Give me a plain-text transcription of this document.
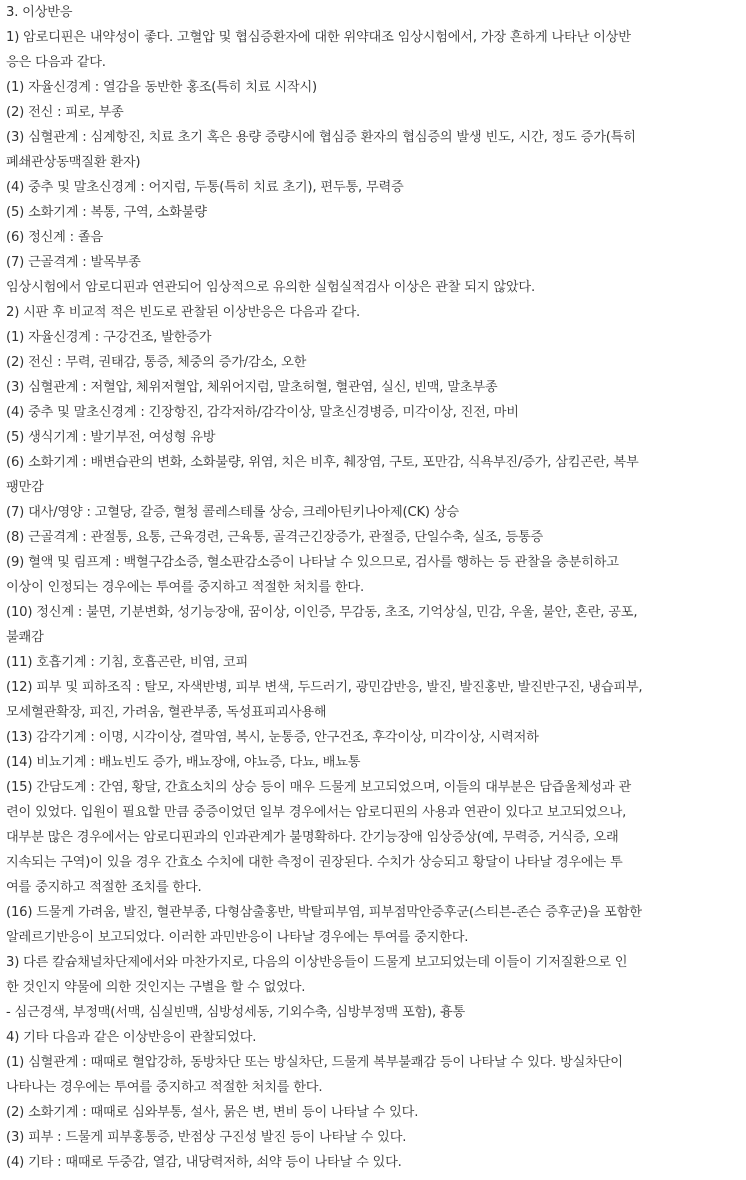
3. 이상반응
1) 암로디핀은 내약성이 좋다. 고혈압 및 협심증환자에 대한 위약대조 임상시험에서, 가장 흔하게 나타난 이상반
응은 다음과 같다.
(1) 자율신경계 : 열감을 동반한 홍조(특히 치료 시작시)
(2) 전신 : 피로, 부종
(3) 심혈관계 : 심계항진, 치료 초기 혹은 용량 증량시에 협심증 환자의 협심증의 발생 빈도, 시간, 정도 증가(특히
폐쇄관상동맥질환 환자)
(4) 중추 및 말초신경계 : 어지럼, 두통(특히 치료 초기), 편두통, 무력증
(5) 소화기계 : 복통, 구역, 소화불량
(6) 정신계 : 졸음
(7) 근골격계 : 발목부종
임상시험에서 암로디핀과 연관되어 임상적으로 유의한 실험실적검사 이상은 관찰 되지 않았다.
2) 시판 후 비교적 적은 빈도로 관찰된 이상반응은 다음과 같다.
(1) 자율신경계 : 구강건조, 발한증가
(2) 전신 : 무력, 권태감, 통증, 체중의 증가/감소, 오한
(3) 심혈관계 : 저혈압, 체위저혈압, 체위어지럼, 말초허혈, 혈관염, 실신, 빈맥, 말초부종
(4) 중추 및 말초신경계 : 긴장항진, 감각저하/감각이상, 말초신경병증, 미각이상, 진전, 마비
(5) 생식기계 : 발기부전, 여성형 유방
(6) 소화기계 : 배변습관의 변화, 소화불량, 위염, 치은 비후, 췌장염, 구토, 포만감, 식욕부진/증가, 삼킴곤란, 복부
팽만감
(7) 대사/영양 : 고혈당, 갈증, 혈청 콜레스테롤 상승, 크레아틴키나아제(CK) 상승
(8) 근골격계 : 관절통, 요통, 근육경련, 근육통, 골격근긴장증가, 관절증, 단일수축, 실조, 등통증
(9) 혈액 및 림프계 : 백혈구감소증, 혈소판감소증이 나타날 수 있으므로, 검사를 행하는 등 관찰을 충분히하고
이상이 인정되는 경우에는 투여를 중지하고 적절한 처치를 한다.
(10) 정신계 : 불면, 기분변화, 성기능장애, 꿈이상, 이인증, 무감동, 초조, 기억상실, 민감, 우울, 불안, 혼란, 공포,
불쾌감
(11) 호흡기계 : 기침, 호흡곤란, 비염, 코피
(12) 피부 및 피하조직 : 탈모, 자색반병, 피부 변색, 두드러기, 광민감반응, 발진, 발진홍반, 발진반구진, 냉습피부,
모세혈관확장, 피진, 가려움, 혈관부종, 독성표피괴사용해
(13) 감각기계 : 이명, 시각이상, 결막염, 복시, 눈통증, 안구건조, 후각이상, 미각이상, 시력저하
(14) 비뇨기계 : 배뇨빈도 증가, 배뇨장애, 야뇨증, 다뇨, 배뇨통
(15) 간담도계 : 간염, 황달, 간효소치의 상승 등이 매우 드물게 보고되었으며, 이들의 대부분은 담즙울체성과 관
련이 있었다. 입원이 필요할 만큼 중증이었던 일부 경우에서는 암로디핀의 사용과 연관이 있다고 보고되었으나,
대부분 많은 경우에서는 암로디핀과의 인과관계가 불명확하다. 간기능장애 임상증상(예, 무력증, 거식증, 오래
지속되는 구역)이 있을 경우 간효소 수치에 대한 측정이 권장된다. 수치가 상승되고 황달이 나타날 경우에는 투
여를 중지하고 적절한 조치를 한다.
(16) 드물게 가려움, 발진, 혈관부종, 다형삼출홍반, 박탈피부염, 피부점막안증후군(스티븐-존슨 증후군)을 포함한
알레르기반응이 보고되었다. 이러한 과민반응이 나타날 경우에는 투여를 중지한다.
3) 다른 칼슘채널차단제에서와 마찬가지로, 다음의 이상반응들이 드물게 보고되었는데 이들이 기저질환으로 인
한 것인지 약물에 의한 것인지는 구별을 할 수 없었다.
- 심근경색, 부정맥(서맥, 심실빈맥, 심방성세동, 기외수축, 심방부정맥 포함), 흉통
4) 기타 다음과 같은 이상반응이 관찰되었다.
(1) 심혈관계 : 때때로 혈압강하, 동방차단 또는 방실차단, 드물게 복부불쾌감 등이 나타날 수 있다. 방실차단이
나타나는 경우에는 투여를 중지하고 적절한 처치를 한다.
(2) 소화기계 : 때때로 심와부통, 설사, 묽은 변, 변비 등이 나타날 수 있다.
(3) 피부 : 드물게 피부홍통증, 반점상 구진성 발진 등이 나타날 수 있다.
(4) 기타 : 때때로 두중감, 열감, 내당력저하, 쇠약 등이 나타날 수 있다.
